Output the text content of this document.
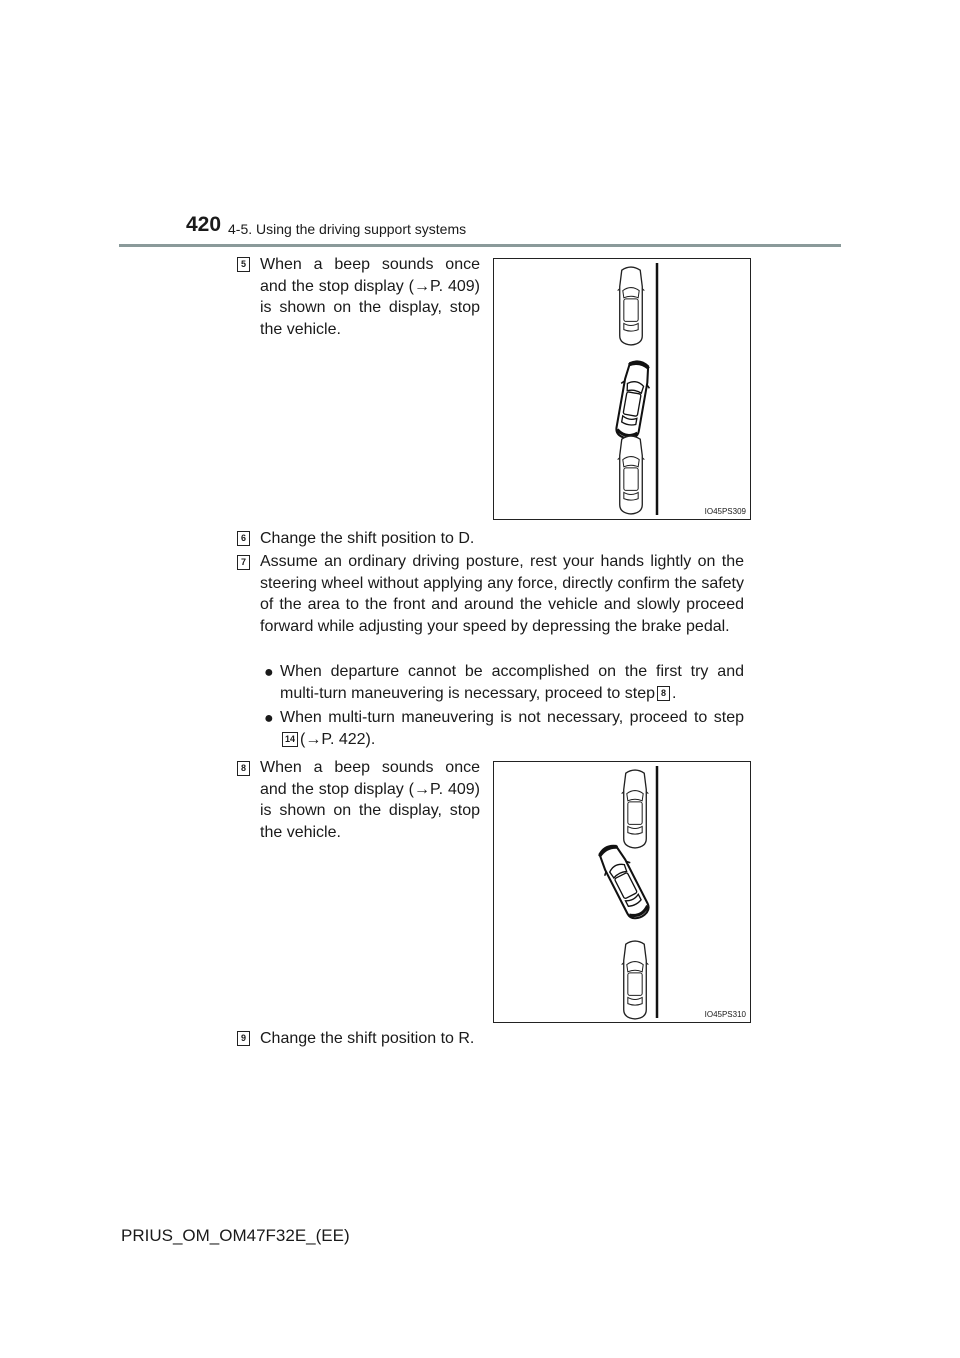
420 4-5. Using the driving support systems
5 When a beep sounds once and the stop display (→P. 409) is shown on the display, stop the vehicle.
IO45PS309
6 Change the shift position to D.
7 Assume an ordinary driving posture, rest your hands lightly on the steering wheel without applying any force, directly confirm the safety of the area to the front and around the vehicle and slowly proceed forward while adjusting your speed by depressing the brake pedal.
● When departure cannot be accomplished on the first try and multi-turn maneuvering is necessary, proceed to step 8 .
● When multi-turn maneuvering is not necessary, proceed to step14 (→P. 422).
8 When a beep sounds once and the stop display (→P. 409) is shown on the display, stop the vehicle.
IO45PS310
9 Change the shift position to R.
PRIUS_OM_OM47F32E_(EE)
